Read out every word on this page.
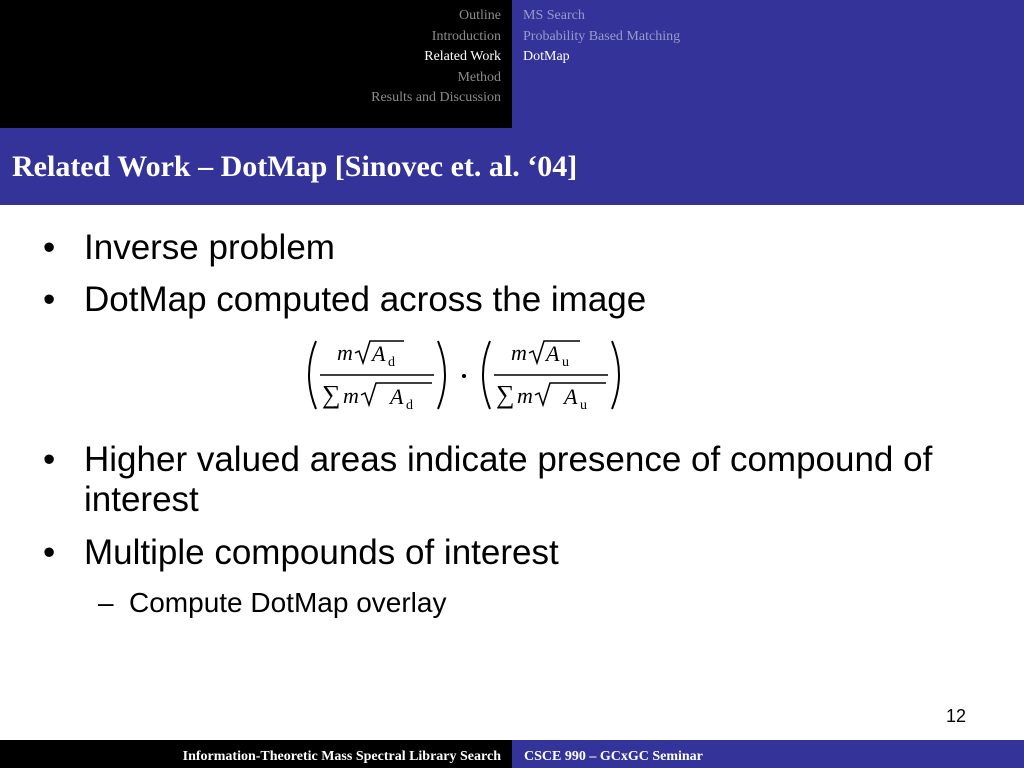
Outline
Introduction
Related Work
Method
Results and Discussion
MS Search
Probability Based Matching
DotMap
Related Work – DotMap [Sinovec et. al. ‘04]
• Inverse problem
• DotMap computed across the image
m A d
∑ m A d
m A u
∑ m A u
• Higher valued areas indicate presence of compound of interest
• Multiple compounds of interest
– Compute DotMap overlay
12
Information-Theoretic Mass Spectral Library Search CSCE 990 – GCxGC Seminar
